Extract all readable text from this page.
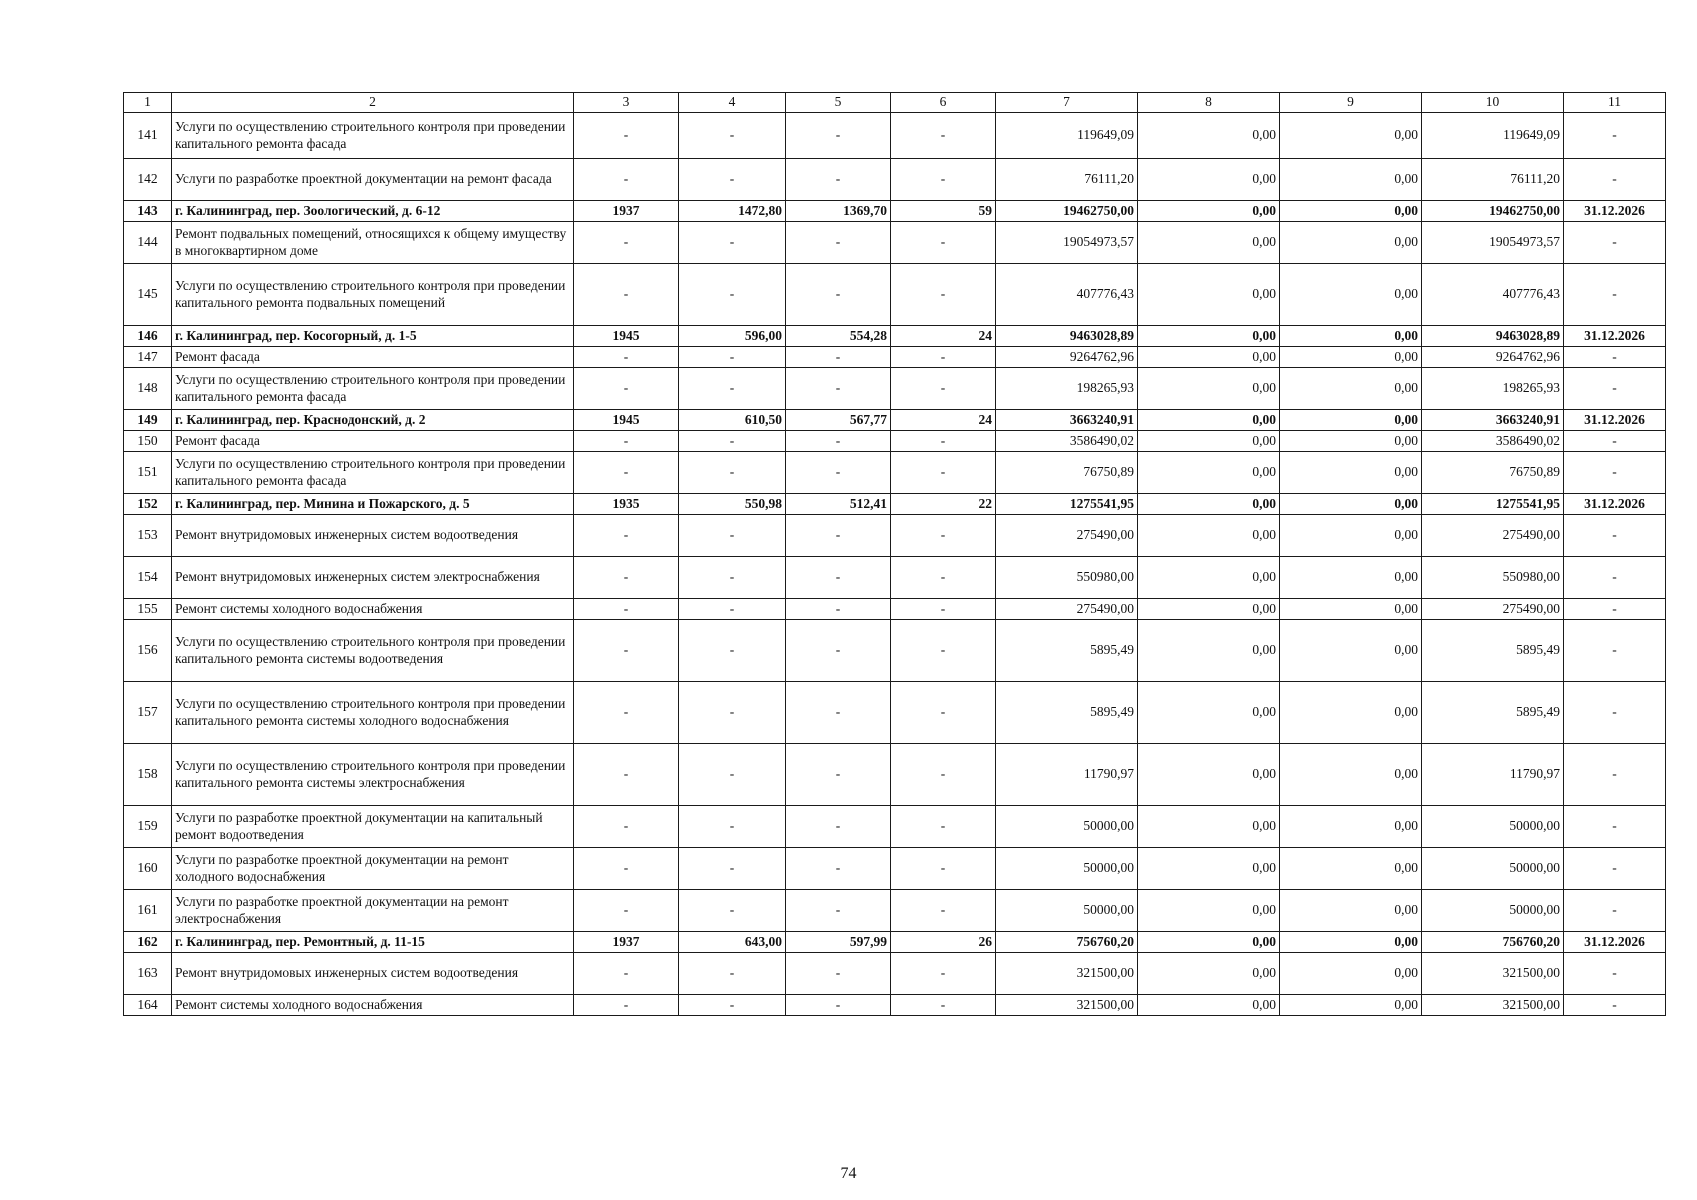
1	2	3	4	5	6	7	8	9	10	11
141	Услуги по осуществлению строительного контроля при проведении капитального ремонта фасада	-	-	-	-	119649,09	0,00	0,00	119649,09	-
142	Услуги по разработке проектной документации на ремонт фасада	-	-	-	-	76111,20	0,00	0,00	76111,20	-
143	г. Калининград, пер. Зоологический, д. 6-12	1937	1472,80	1369,70	59	19462750,00	0,00	0,00	19462750,00	31.12.2026
144	Ремонт подвальных помещений, относящихся к общему имуществу в многоквартирном доме	-	-	-	-	19054973,57	0,00	0,00	19054973,57	-
145	Услуги по осуществлению строительного контроля при проведении капитального ремонта подвальных помещений	-	-	-	-	407776,43	0,00	0,00	407776,43	-
146	г. Калининград, пер. Косогорный, д. 1-5	1945	596,00	554,28	24	9463028,89	0,00	0,00	9463028,89	31.12.2026
147	Ремонт фасада	-	-	-	-	9264762,96	0,00	0,00	9264762,96	-
148	Услуги по осуществлению строительного контроля при проведении капитального ремонта фасада	-	-	-	-	198265,93	0,00	0,00	198265,93	-
149	г. Калининград, пер. Краснодонский, д. 2	1945	610,50	567,77	24	3663240,91	0,00	0,00	3663240,91	31.12.2026
150	Ремонт фасада	-	-	-	-	3586490,02	0,00	0,00	3586490,02	-
151	Услуги по осуществлению строительного контроля при проведении капитального ремонта фасада	-	-	-	-	76750,89	0,00	0,00	76750,89	-
152	г. Калининград, пер. Минина и Пожарского, д. 5	1935	550,98	512,41	22	1275541,95	0,00	0,00	1275541,95	31.12.2026
153	Ремонт внутридомовых инженерных систем водоотведения	-	-	-	-	275490,00	0,00	0,00	275490,00	-
154	Ремонт внутридомовых инженерных систем электроснабжения	-	-	-	-	550980,00	0,00	0,00	550980,00	-
155	Ремонт системы холодного водоснабжения	-	-	-	-	275490,00	0,00	0,00	275490,00	-
156	Услуги по осуществлению строительного контроля при проведении капитального ремонта системы водоотведения	-	-	-	-	5895,49	0,00	0,00	5895,49	-
157	Услуги по осуществлению строительного контроля при проведении капитального ремонта системы холодного водоснабжения	-	-	-	-	5895,49	0,00	0,00	5895,49	-
158	Услуги по осуществлению строительного контроля при проведении капитального ремонта системы электроснабжения	-	-	-	-	11790,97	0,00	0,00	11790,97	-
159	Услуги по разработке проектной документации на капитальный ремонт водоотведения	-	-	-	-	50000,00	0,00	0,00	50000,00	-
160	Услуги по разработке проектной документации на ремонт холодного водоснабжения	-	-	-	-	50000,00	0,00	0,00	50000,00	-
161	Услуги по разработке проектной документации на ремонт электроснабжения	-	-	-	-	50000,00	0,00	0,00	50000,00	-
162	г. Калининград, пер. Ремонтный, д. 11-15	1937	643,00	597,99	26	756760,20	0,00	0,00	756760,20	31.12.2026
163	Ремонт внутридомовых инженерных систем водоотведения	-	-	-	-	321500,00	0,00	0,00	321500,00	-
164	Ремонт системы холодного водоснабжения	-	-	-	-	321500,00	0,00	0,00	321500,00	-
74
